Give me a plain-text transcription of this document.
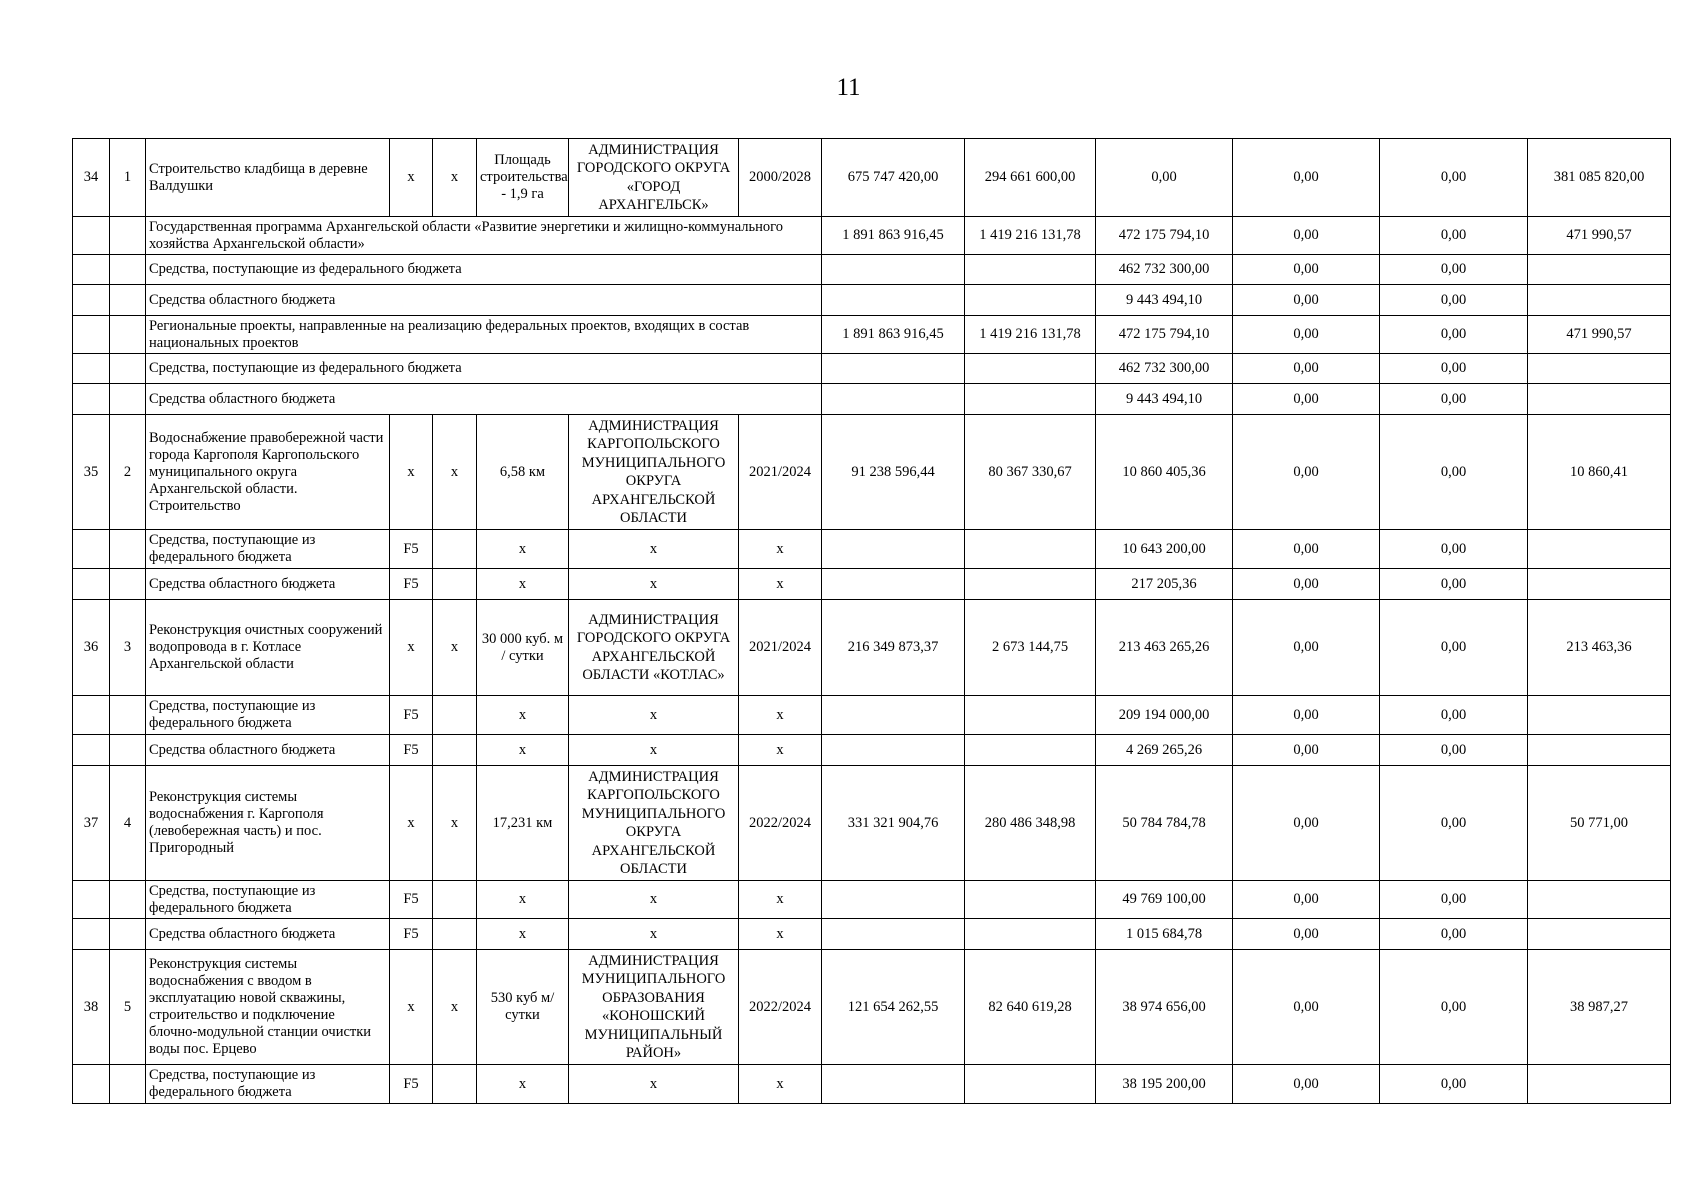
11
34	1	Строительство кладбища в деревне Валдушки	х	х	Площадь строительства - 1,9 га	АДМИНИСТРАЦИЯ ГОРОДСКОГО ОКРУГА «ГОРОД АРХАНГЕЛЬСК»	2000/2028	675 747 420,00	294 661 600,00	0,00	0,00	0,00	381 085 820,00
		Государственная программа Архангельской области «Развитие энергетики и жилищно-коммунального хозяйства Архангельской области»						1 891 863 916,45	1 419 216 131,78	472 175 794,10	0,00	0,00	471 990,57
		Средства, поступающие из федерального бюджета								462 732 300,00	0,00	0,00	
		Средства областного бюджета								9 443 494,10	0,00	0,00	
		Региональные проекты, направленные на реализацию федеральных проектов, входящих в состав национальных проектов						1 891 863 916,45	1 419 216 131,78	472 175 794,10	0,00	0,00	471 990,57
		Средства, поступающие из федерального бюджета								462 732 300,00	0,00	0,00	
		Средства областного бюджета								9 443 494,10	0,00	0,00	
35	2	Водоснабжение правобережной части города Каргополя Каргопольского муниципального округа Архангельской области. Строительство	х	х	6,58 км	АДМИНИСТРАЦИЯ КАРГОПОЛЬСКОГО МУНИЦИПАЛЬНОГО ОКРУГА АРХАНГЕЛЬСКОЙ ОБЛАСТИ	2021/2024	91 238 596,44	80 367 330,67	10 860 405,36	0,00	0,00	10 860,41
		Средства, поступающие из федерального бюджета	F5		х	х	х			10 643 200,00	0,00	0,00	
		Средства областного бюджета	F5		х	х	х			217 205,36	0,00	0,00	
36	3	Реконструкция очистных сооружений водопровода в г. Котласе Архангельской области	х	х	30 000 куб. м / сутки	АДМИНИСТРАЦИЯ ГОРОДСКОГО ОКРУГА АРХАНГЕЛЬСКОЙ ОБЛАСТИ «КОТЛАС»	2021/2024	216 349 873,37	2 673 144,75	213 463 265,26	0,00	0,00	213 463,36
		Средства, поступающие из федерального бюджета	F5		х	х	х			209 194 000,00	0,00	0,00	
		Средства областного бюджета	F5		х	х	х			4 269 265,26	0,00	0,00	
37	4	Реконструкция системы водоснабжения г. Каргополя (левобережная часть) и пос. Пригородный	х	х	17,231 км	АДМИНИСТРАЦИЯ КАРГОПОЛЬСКОГО МУНИЦИПАЛЬНОГО ОКРУГА АРХАНГЕЛЬСКОЙ ОБЛАСТИ	2022/2024	331 321 904,76	280 486 348,98	50 784 784,78	0,00	0,00	50 771,00
		Средства, поступающие из федерального бюджета	F5		х	х	х			49 769 100,00	0,00	0,00	
		Средства областного бюджета	F5		х	х	х			1 015 684,78	0,00	0,00	
38	5	Реконструкция системы водоснабжения с вводом в эксплуатацию новой скважины, строительство и подключение блочно-модульной станции очистки воды пос. Ерцево	х	х	530 куб м/сутки	АДМИНИСТРАЦИЯ МУНИЦИПАЛЬНОГО ОБРАЗОВАНИЯ «КОНОШСКИЙ МУНИЦИПАЛЬНЫЙ РАЙОН»	2022/2024	121 654 262,55	82 640 619,28	38 974 656,00	0,00	0,00	38 987,27
		Средства, поступающие из федерального бюджета	F5		х	х	х			38 195 200,00	0,00	0,00	
